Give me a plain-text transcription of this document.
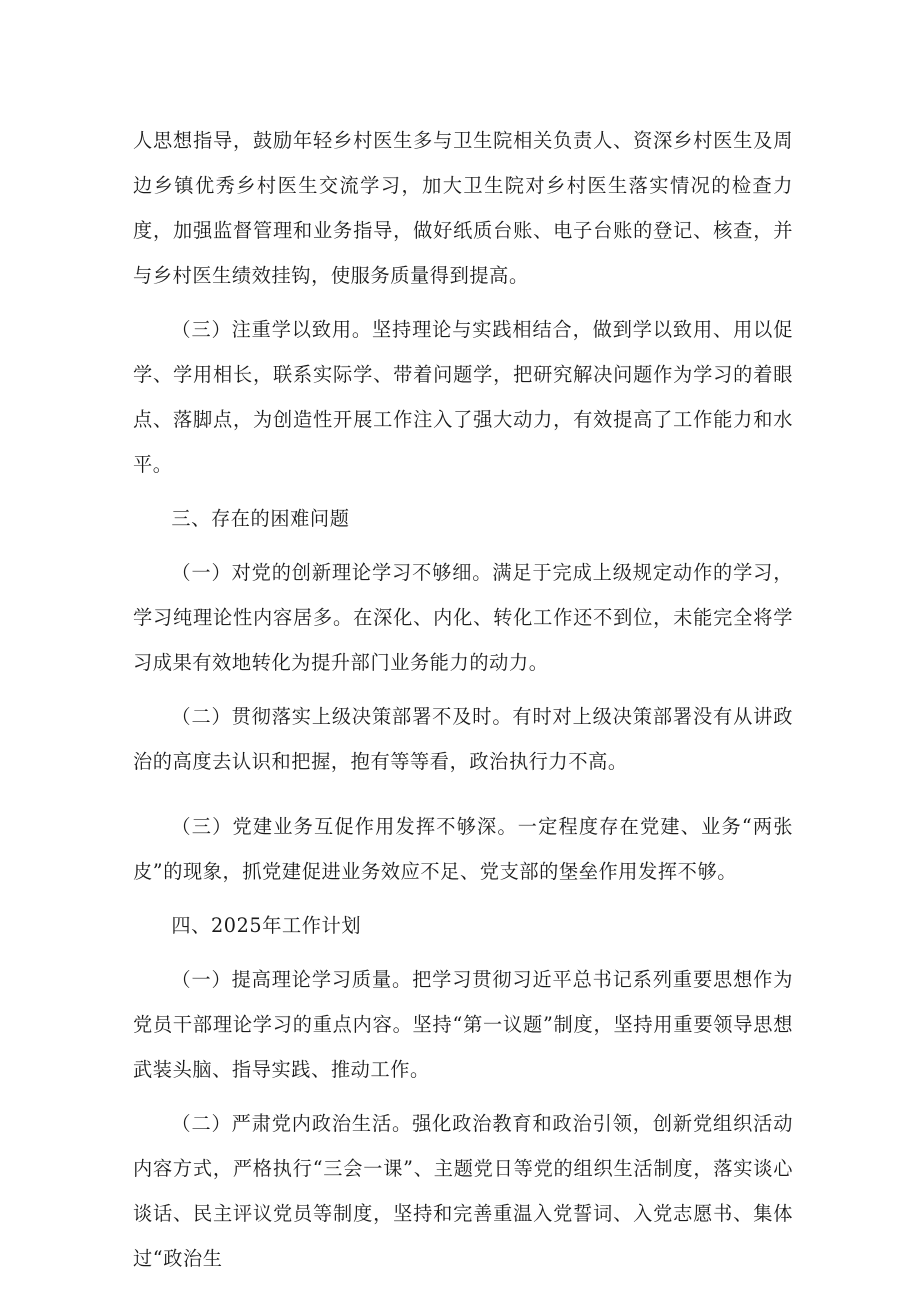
人思想指导，鼓励年轻乡村医生多与卫生院相关负责人、资深乡村医生及周边乡镇优秀乡村医生交流学习，加大卫生院对乡村医生落实情况的检查力度，加强监督管理和业务指导，做好纸质台账、电子台账的登记、核查，并与乡村医生绩效挂钩，使服务质量得到提高。

（三）注重学以致用。坚持理论与实践相结合，做到学以致用、用以促学、学用相长，联系实际学、带着问题学，把研究解决问题作为学习的着眼点、落脚点，为创造性开展工作注入了强大动力，有效提高了工作能力和水平。

三、存在的困难问题

（一）对党的创新理论学习不够细。满足于完成上级规定动作的学习，学习纯理论性内容居多。在深化、内化、转化工作还不到位，未能完全将学习成果有效地转化为提升部门业务能力的动力。

（二）贯彻落实上级决策部署不及时。有时对上级决策部署没有从讲政治的高度去认识和把握，抱有等等看，政治执行力不高。

（三）党建业务互促作用发挥不够深。一定程度存在党建、业务“两张皮”的现象，抓党建促进业务效应不足、党支部的堡垒作用发挥不够。

四、2025年工作计划

（一）提高理论学习质量。把学习贯彻习近平总书记系列重要思想作为党员干部理论学习的重点内容。坚持“第一议题”制度，坚持用重要领导思想武装头脑、指导实践、推动工作。

（二）严肃党内政治生活。强化政治教育和政治引领，创新党组织活动内容方式，严格执行“三会一课”、主题党日等党的组织生活制度，落实谈心谈话、民主评议党员等制度，坚持和完善重温入党誓词、入党志愿书、集体过“政治生
